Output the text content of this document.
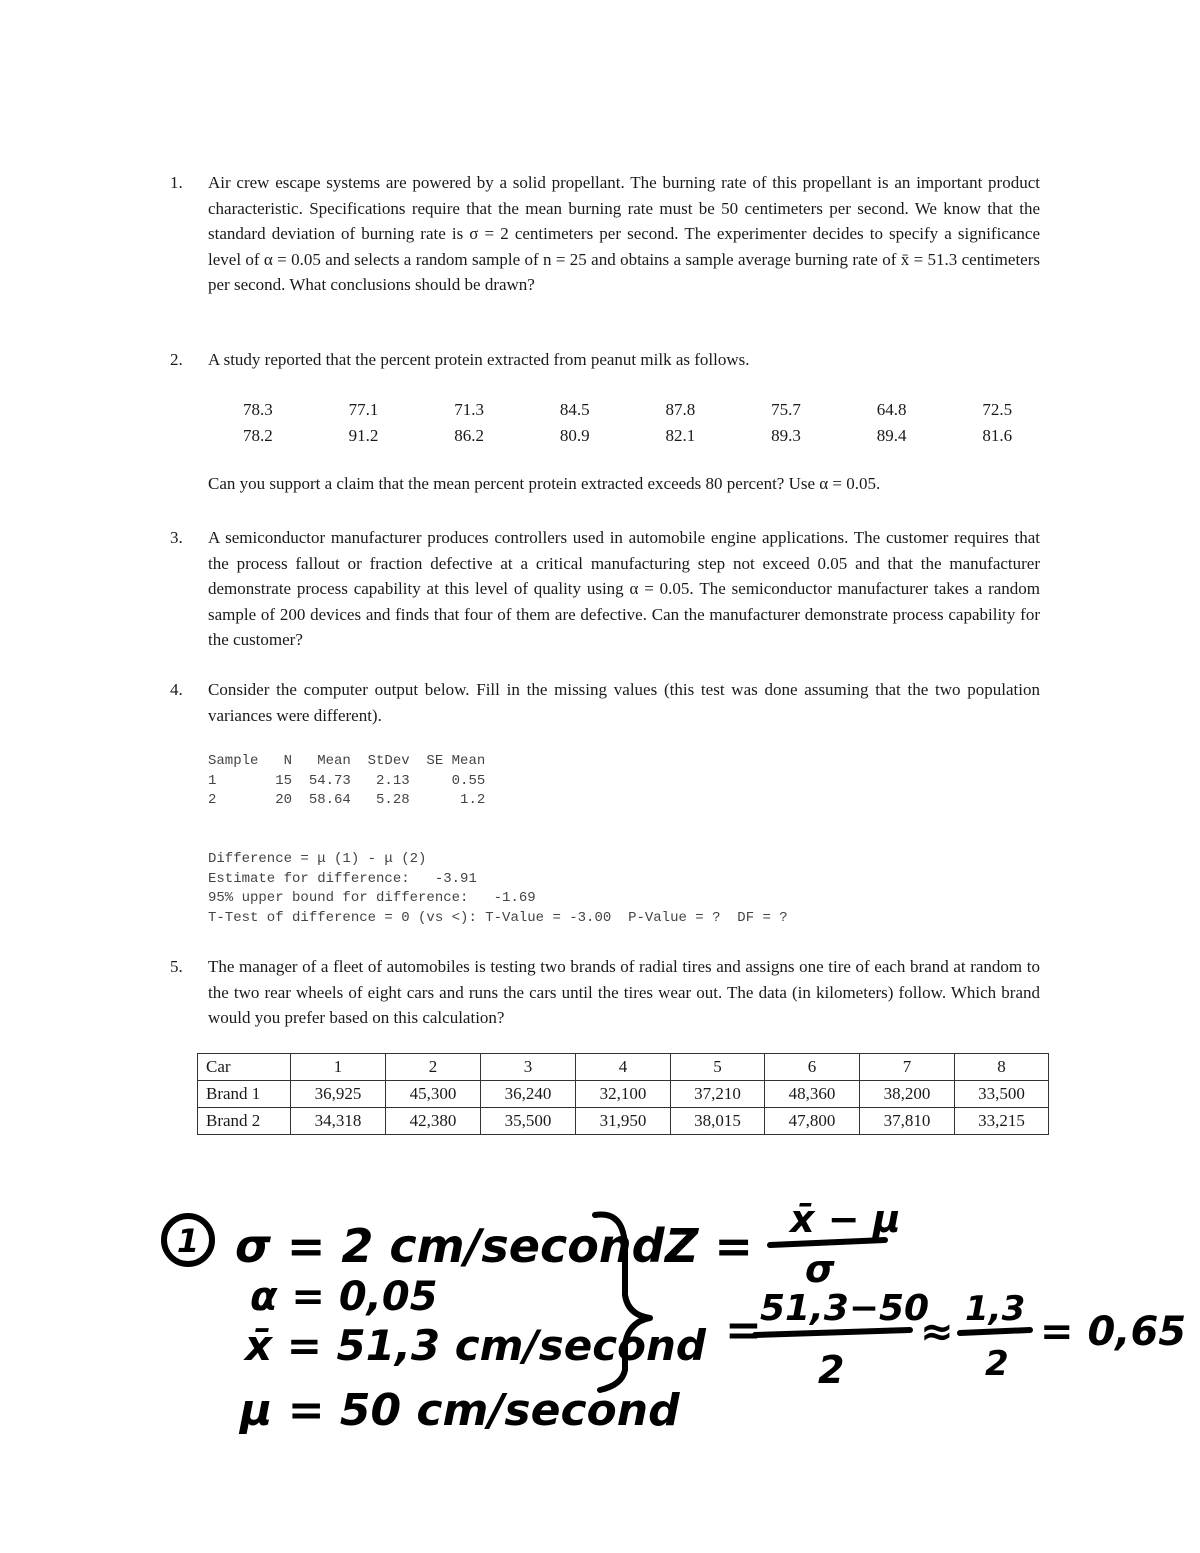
1.	Air crew escape systems are powered by a solid propellant. The burning rate of this propellant is an important product characteristic. Specifications require that the mean burning rate must be 50 centimeters per second. We know that the standard deviation of burning rate is σ = 2 centimeters per second. The experimenter decides to specify a significance level of α = 0.05 and selects a random sample of n = 25 and obtains a sample average burning rate of x̄ = 51.3 centimeters per second. What conclusions should be drawn?
2.	A study reported that the percent protein extracted from peanut milk as follows.
78.3	77.1	71.3	84.5	87.8	75.7	64.8	72.5
78.2	91.2	86.2	80.9	82.1	89.3	89.4	81.6
Can you support a claim that the mean percent protein extracted exceeds 80 percent? Use α = 0.05.
3.	A semiconductor manufacturer produces controllers used in automobile engine applications. The customer requires that the process fallout or fraction defective at a critical manufacturing step not exceed 0.05 and that the manufacturer demonstrate process capability at this level of quality using α = 0.05. The semiconductor manufacturer takes a random sample of 200 devices and finds that four of them are defective. Can the manufacturer demonstrate process capability for the customer?
4.	Consider the computer output below. Fill in the missing values (this test was done assuming that the two population variances were different).
Sample   N   Mean  StDev  SE Mean
1       15  54.73   2.13     0.55
2       20  58.64   5.28      1.2
Difference = μ (1) - μ (2)
Estimate for difference:   -3.91
95% upper bound for difference:   -1.69
T-Test of difference = 0 (vs <): T-Value = -3.00  P-Value = ?  DF = ?
5.	The manager of a fleet of automobiles is testing two brands of radial tires and assigns one tire of each brand at random to the two rear wheels of eight cars and runs the cars until the tires wear out. The data (in kilometers) follow. Which brand would you prefer based on this calculation?
Car	1	2	3	4	5	6	7	8
Brand 1	36,925	45,300	36,240	32,100	37,210	48,360	38,200	33,500
Brand 2	34,318	42,380	35,500	31,950	38,015	47,800	37,810	33,215
1 σ = 2 cm/second
α = 0,05
x̄ = 51,3 cm/second
μ = 50 cm/second
Z = x̄ − μ
σ
=
51,3−50
2
≈ 1,3
2
= 0,65
